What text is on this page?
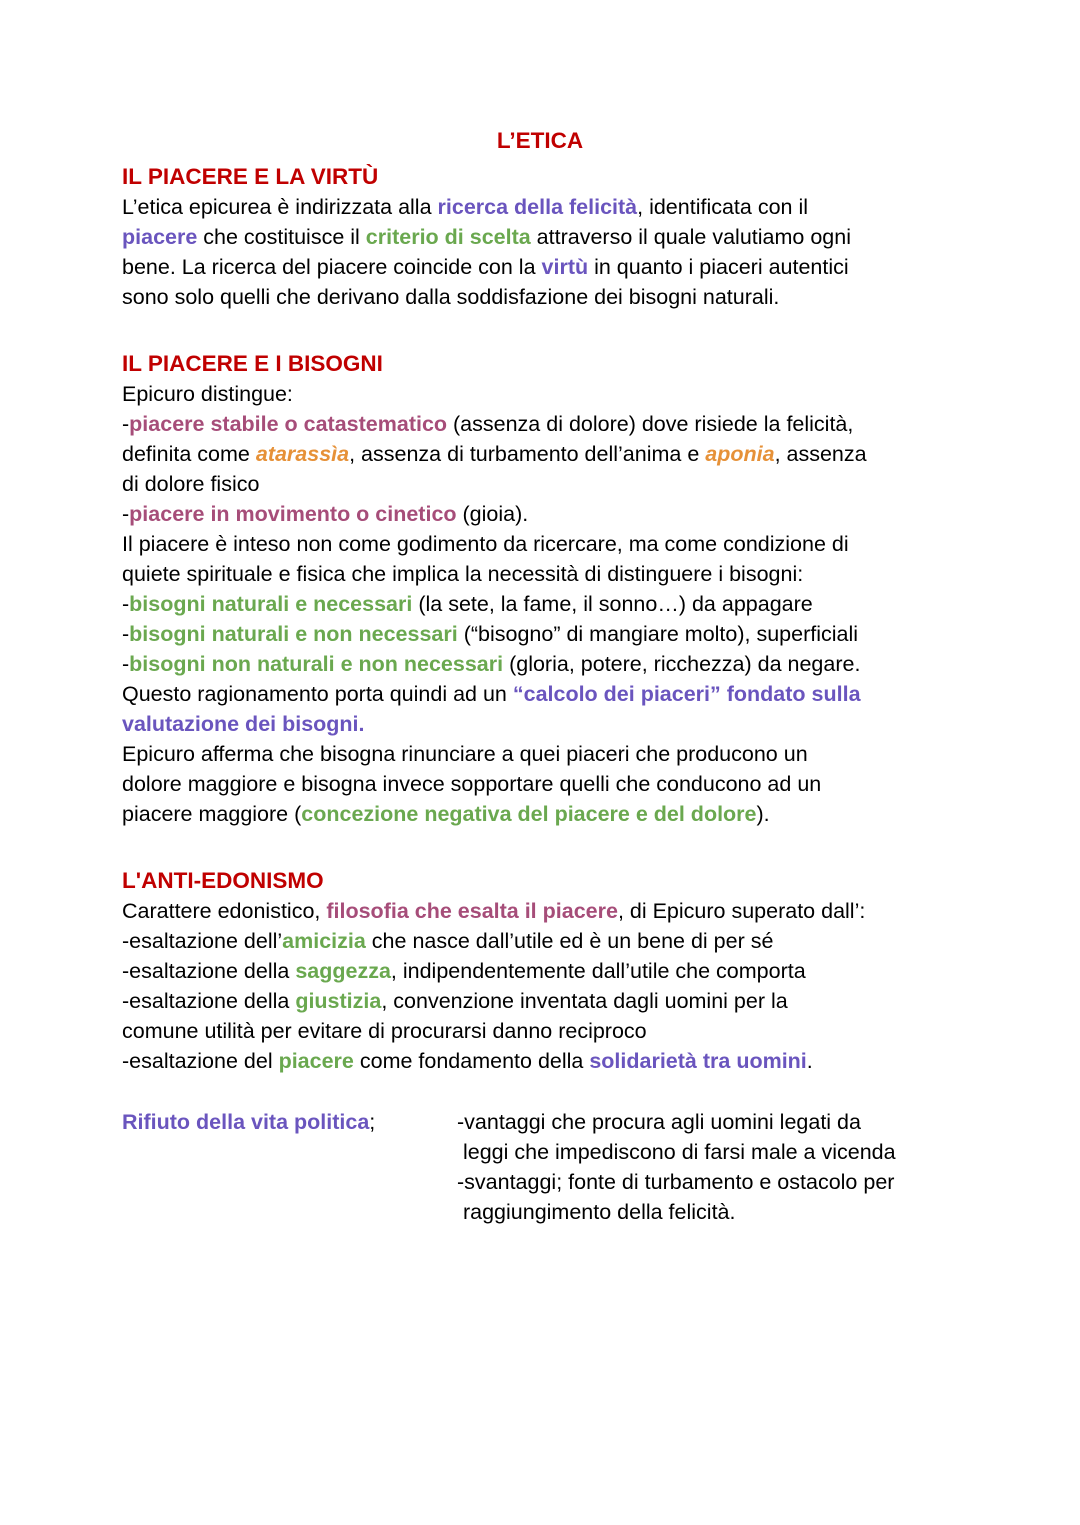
L’ETICA
IL PIACERE E LA VIRTÙ
L’etica epicurea è indirizzata alla ricerca della felicità, identificata con il
piacere che costituisce il criterio di scelta attraverso il quale valutiamo ogni
bene. La ricerca del piacere coincide con la virtù in quanto i piaceri autentici
sono solo quelli che derivano dalla soddisfazione dei bisogni naturali.
IL PIACERE E I BISOGNI
Epicuro distingue:
-piacere stabile o catastematico (assenza di dolore) dove risiede la felicità,
definita come atarassìa, assenza di turbamento dell’anima e aponia, assenza
di dolore fisico
-piacere in movimento o cinetico (gioia).
Il piacere è inteso non come godimento da ricercare, ma come condizione di
quiete spirituale e fisica che implica la necessità di distinguere i bisogni:
-bisogni naturali e necessari (la sete, la fame, il sonno…) da appagare
-bisogni naturali e non necessari (“bisogno” di mangiare molto), superficiali
-bisogni non naturali e non necessari (gloria, potere, ricchezza) da negare.
Questo ragionamento porta quindi ad un “calcolo dei piaceri” fondato sulla
valutazione dei bisogni.
Epicuro afferma che bisogna rinunciare a quei piaceri che producono un
dolore maggiore e bisogna invece sopportare quelli che conducono ad un
piacere maggiore (concezione negativa del piacere e del dolore).
L'ANTI-EDONISMO
Carattere edonistico, filosofia che esalta il piacere, di Epicuro superato dall’:
-esaltazione dell’amicizia che nasce dall’utile ed è un bene di per sé
-esaltazione della saggezza, indipendentemente dall’utile che comporta
-esaltazione della giustizia, convenzione inventata dagli uomini per la
comune utilità per evitare di procurarsi danno reciproco
-esaltazione del piacere come fondamento della solidarietà tra uomini.
Rifiuto della vita politica;	-vantaggi che procura agli uomini legati da
leggi che impediscono di farsi male a vicenda
-svantaggi; fonte di turbamento e ostacolo per
raggiungimento della felicità.
